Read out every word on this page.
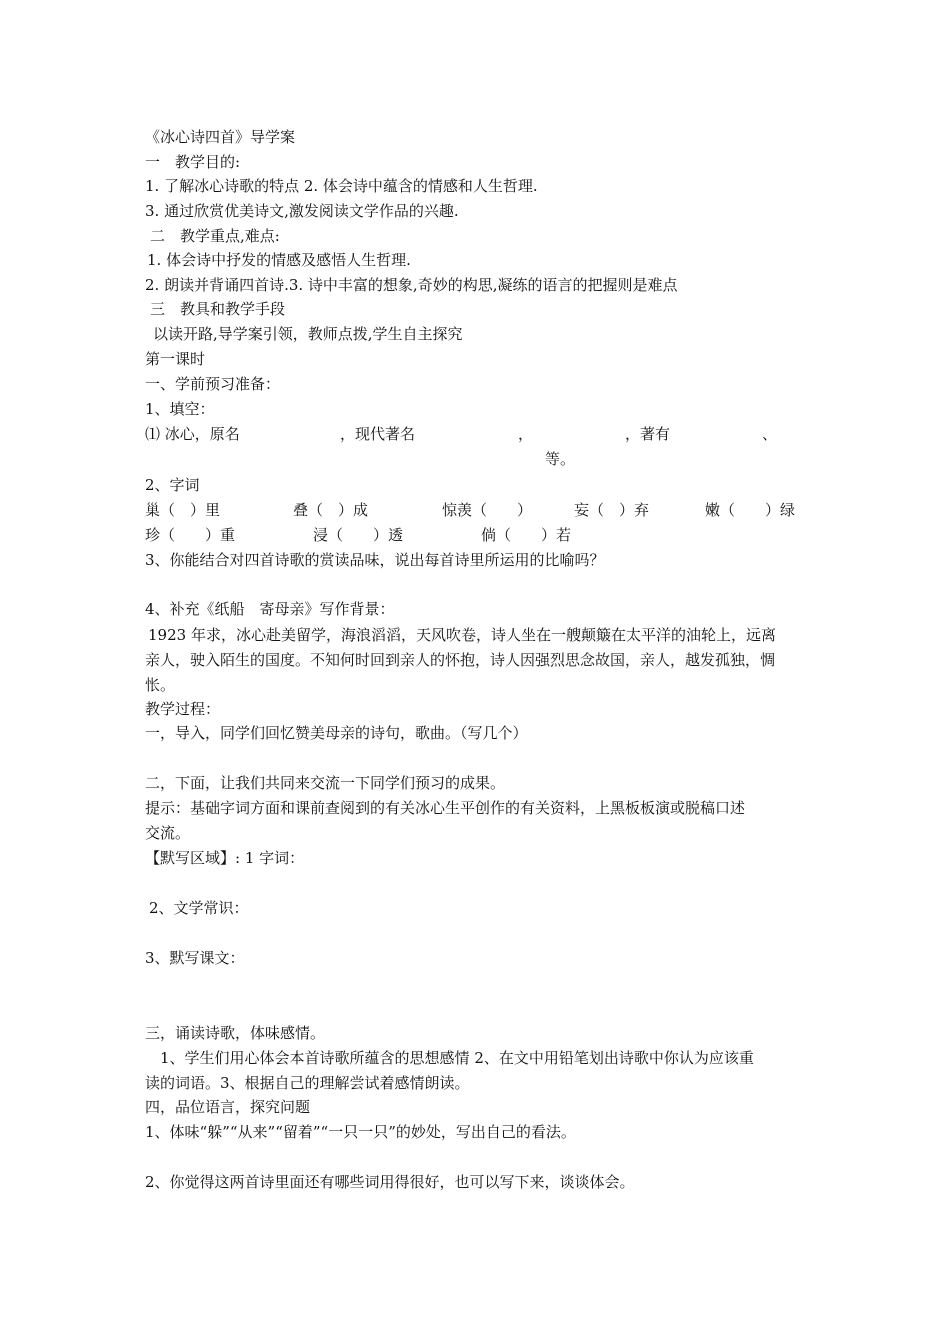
《冰心诗四首》导学案
一　教学目的:
1. 了解冰心诗歌的特点 2. 体会诗中蕴含的情感和人生哲理.
3. 通过欣赏优美诗文,激发阅读文学作品的兴趣.
二　教学重点,难点:
1. 体会诗中抒发的情感及感悟人生哲理.
2. 朗读并背诵四首诗.3. 诗中丰富的想象,奇妙的构思,凝练的语言的把握则是难点
三　教具和教学手段
以读开路,导学案引领，教师点拨,学生自主探究
第一课时
一、学前预习准备：
1、填空：
⑴ 冰心，原名	，现代著名	，	，著有	、
等。
2、字词
巢（　）里	叠（　）成	惊羡（　　）	妄（　）弃	嫩（　　）绿
珍（　　）重	浸（　　）透	倘（　　）若
3、你能结合对四首诗歌的赏读品味，说出每首诗里所运用的比喻吗？
4、补充《纸船　寄母亲》写作背景：
1923 年求，冰心赴美留学，海浪滔滔，天风吹卷，诗人坐在一艘颠簸在太平洋的油轮上，远离
亲人，驶入陌生的国度。不知何时回到亲人的怀抱，诗人因强烈思念故国，亲人，越发孤独，惆
怅。
教学过程：
一，导入，同学们回忆赞美母亲的诗句，歌曲。（写几个）
二，下面，让我们共同来交流一下同学们预习的成果。
提示：基础字词方面和课前查阅到的有关冰心生平创作的有关资料，上黑板板演或脱稿口述
交流。
【默写区域】: 1 字词：
2、文学常识：
3、默写课文：
三，诵读诗歌，体味感情。
1、学生们用心体会本首诗歌所蕴含的思想感情 2、在文中用铅笔划出诗歌中你认为应该重
读的词语。3、根据自己的理解尝试着感情朗读。
四，品位语言，探究问题
1、体味“躲”“从来”“留着”“一只一只”的妙处，写出自己的看法。
2、你觉得这两首诗里面还有哪些词用得很好，也可以写下来，谈谈体会。
